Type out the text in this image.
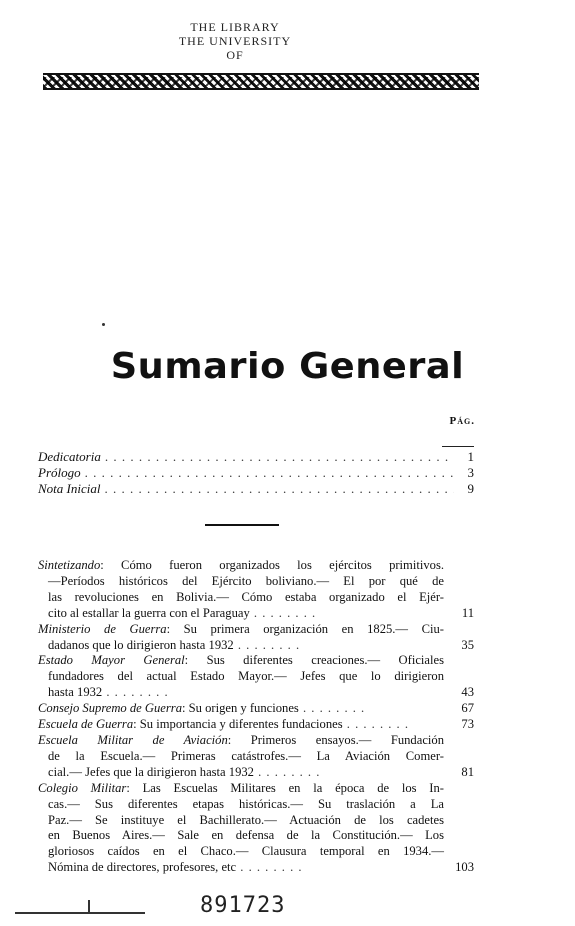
THE LIBRARY
THE UNIVERSITY
OF
Sumario General
Pág.
Dedicatoria . . .	1
Prólogo . . .	3
Nota Inicial . . .	9
Sintetizando: Cómo fueron organizados los ejércitos primitivos.
—Períodos históricos del Ejército boliviano.— El por qué de
las revoluciones en Bolivia.— Cómo estaba organizado el Ejér-
cito al estallar la guerra con el Paraguay . . . . . . . .	11
Ministerio de Guerra: Su primera organización en 1825.— Ciu-
dadanos que lo dirigieron hasta 1932 . . . . . . . .	35
Estado Mayor General: Sus diferentes creaciones.— Oficiales
fundadores del actual Estado Mayor.— Jefes que lo dirigieron
hasta 1932 . . . . . . . .	43
Consejo Supremo de Guerra: Su origen y funciones . . . . . . . .	67
Escuela de Guerra: Su importancia y diferentes fundaciones . . . . . . . .	73
Escuela Militar de Aviación: Primeros ensayos.— Fundación
de la Escuela.— Primeras catástrofes.— La Aviación Comer-
cial.— Jefes que la dirigieron hasta 1932 . . . . . . . .	81
Colegio Militar: Las Escuelas Militares en la época de los In-
cas.— Sus diferentes etapas históricas.— Su traslación a La
Paz.— Se instituye el Bachillerato.— Actuación de los cadetes
en Buenos Aires.— Sale en defensa de la Constitución.— Los
gloriosos caídos en el Chaco.— Clausura temporal en 1934.—
Nómina de directores, profesores, etc . . . . . . . .	103
891723
